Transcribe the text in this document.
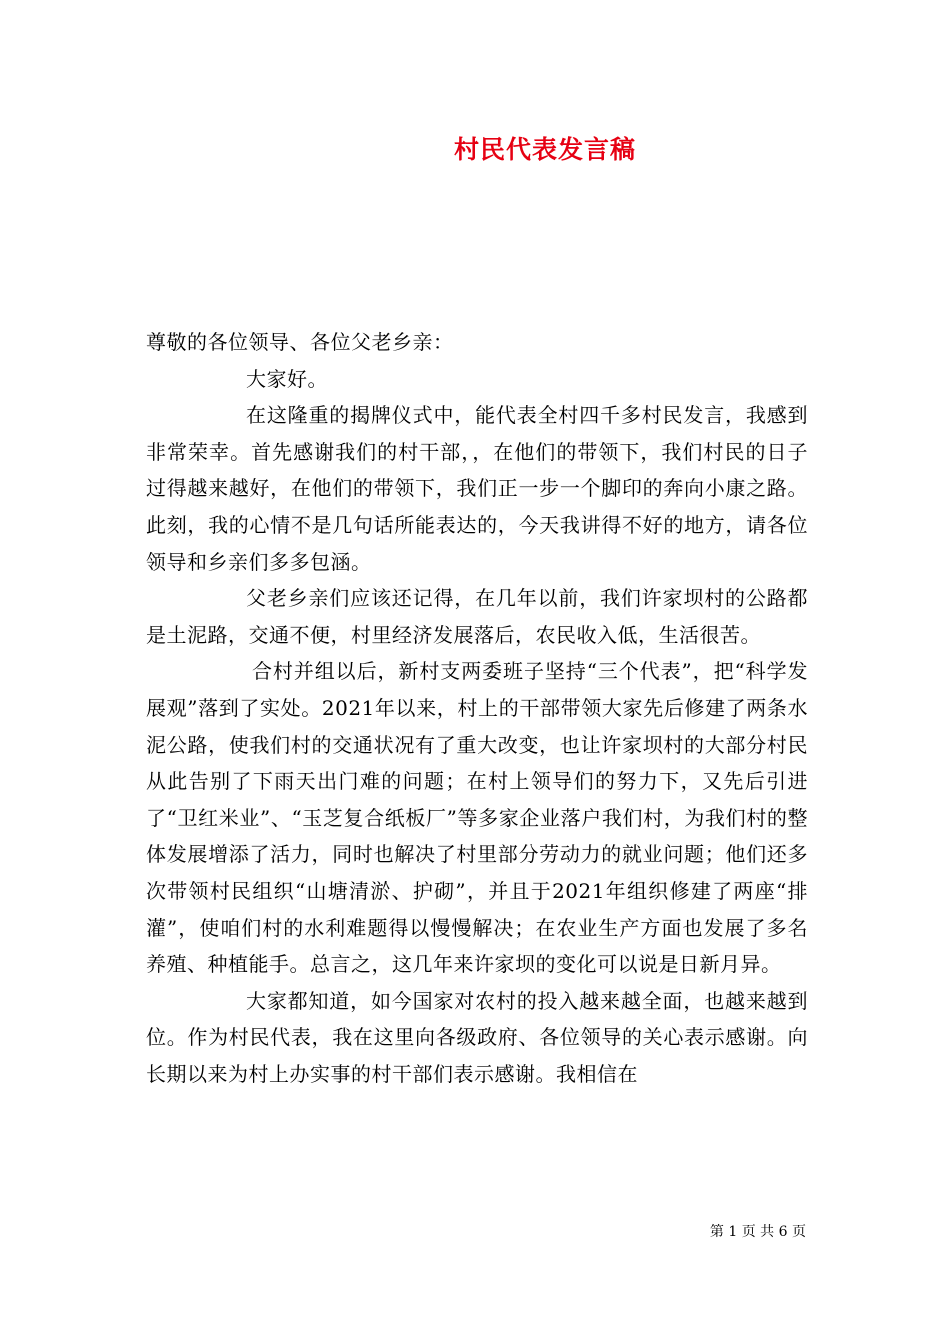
村民代表发言稿

尊敬的各位领导、各位父老乡亲：

大家好。

在这隆重的揭牌仪式中，能代表全村四千多村民发言，我感到非常荣幸。首先感谢我们的村干部，，在他们的带领下，我们村民的日子过得越来越好，在他们的带领下，我们正一步一个脚印的奔向小康之路。此刻，我的心情不是几句话所能表达的，今天我讲得不好的地方，请各位领导和乡亲们多多包涵。

父老乡亲们应该还记得，在几年以前，我们许家坝村的公路都是土泥路，交通不便，村里经济发展落后，农民收入低，生活很苦。

合村并组以后，新村支两委班子坚持“三个代表”，把“科学发展观”落到了实处。2021年以来，村上的干部带领大家先后修建了两条水泥公路，使我们村的交通状况有了重大改变，也让许家坝村的大部分村民从此告别了下雨天出门难的问题；在村上领导们的努力下，又先后引进了“卫红米业”、“玉芝复合纸板厂”等多家企业落户我们村，为我们村的整体发展增添了活力，同时也解决了村里部分劳动力的就业问题；他们还多次带领村民组织“山塘清淤、护砌”，并且于2021年组织修建了两座“排灌”，使咱们村的水利难题得以慢慢解决；在农业生产方面也发展了多名养殖、种植能手。总言之，这几年来许家坝的变化可以说是日新月异。

大家都知道，如今国家对农村的投入越来越全面，也越来越到位。作为村民代表，我在这里向各级政府、各位领导的关心表示感谢。向长期以来为村上办实事的村干部们表示感谢。我相信在

第 1 页 共 6 页
